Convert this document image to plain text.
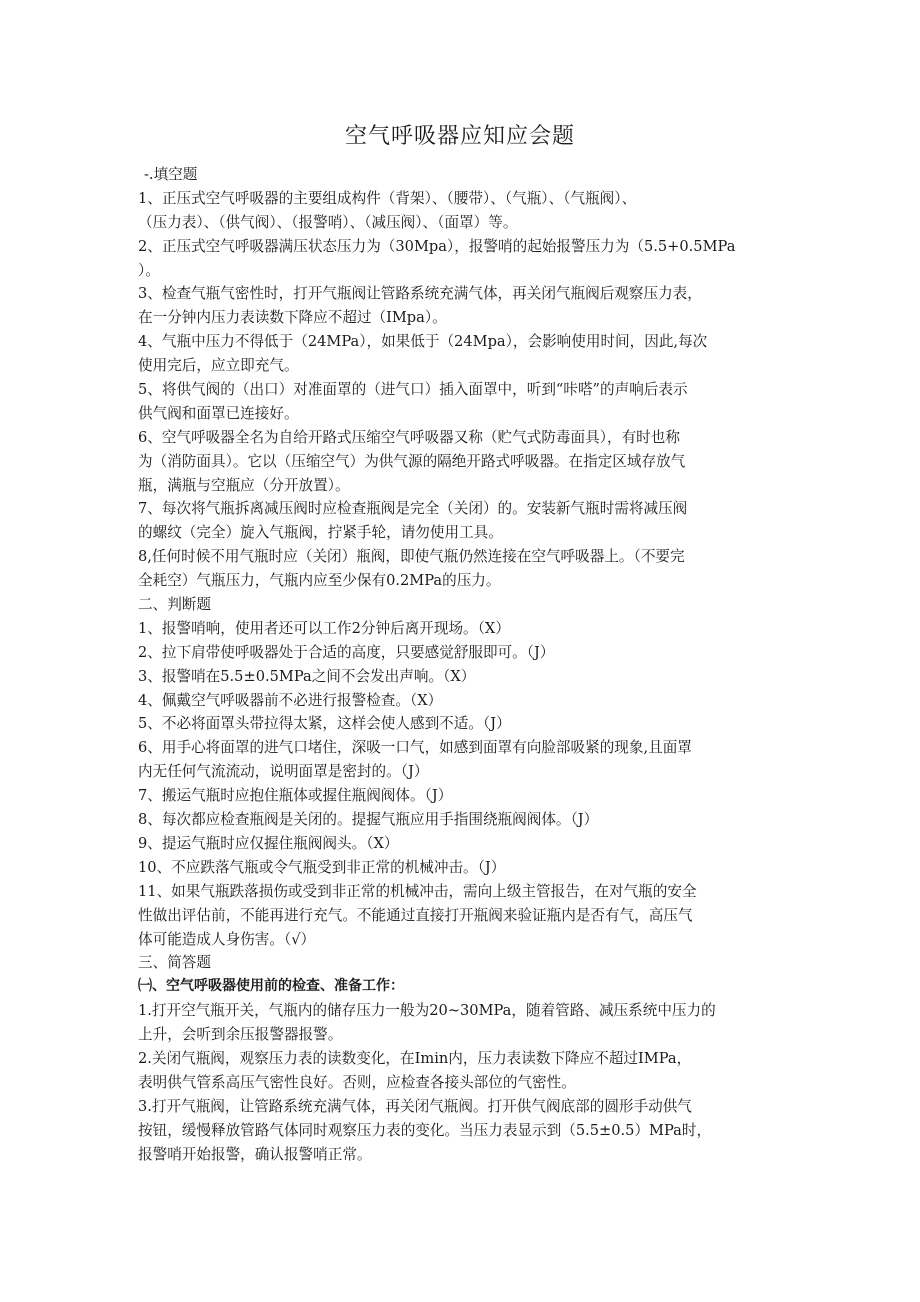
空气呼吸器应知应会题
-.填空题
1、正压式空气呼吸器的主要组成构件（背架）、（腰带）、（气瓶）、（气瓶阀）、
（压力表）、（供气阀）、（报警哨）、（减压阀）、（面罩）等。
2、正压式空气呼吸器满压状态压力为（30Mpa），报警哨的起始报警压力为（5.5+0.5MPa
）。
3、检查气瓶气密性时，打开气瓶阀让管路系统充满气体，再关闭气瓶阀后观察压力表，
在一分钟内压力表读数下降应不超过（IMpa）。
4、气瓶中压力不得低于（24MPa），如果低于（24Mpa），会影响使用时间，因此,每次
使用完后，应立即充气。
5、将供气阀的（出口）对准面罩的（进气口）插入面罩中，听到“咔嗒”的声响后表示
供气阀和面罩已连接好。
6、空气呼吸器全名为自给开路式压缩空气呼吸器又称（贮气式防毒面具），有时也称
为（消防面具）。它以（压缩空气）为供气源的隔绝开路式呼吸器。在指定区域存放气
瓶，满瓶与空瓶应（分开放置）。
7、每次将气瓶拆离减压阀时应检查瓶阀是完全（关闭）的。安装新气瓶时需将减压阀
的螺纹（完全）旋入气瓶阀，拧紧手轮，请勿使用工具。
8,任何时候不用气瓶时应（关闭）瓶阀，即使气瓶仍然连接在空气呼吸器上。（不要完
全耗空）气瓶压力，气瓶内应至少保有0.2MPa的压力。
二、判断题
1、报警哨响，使用者还可以工作2分钟后离开现场。（X）
2、拉下肩带使呼吸器处于合适的高度，只要感觉舒服即可。（J）
3、报警哨在5.5±0.5MPa之间不会发出声响。（X）
4、佩戴空气呼吸器前不必进行报警检查。（X）
5、不必将面罩头带拉得太紧，这样会使人感到不适。（J）
6、用手心将面罩的进气口堵住，深吸一口气，如感到面罩有向脸部吸紧的现象,且面罩
内无任何气流流动，说明面罩是密封的。（J）
7、搬运气瓶时应抱住瓶体或握住瓶阀阀体。（J）
8、每次都应检查瓶阀是关闭的。提握气瓶应用手指围绕瓶阀阀体。（J）
9、提运气瓶时应仅握住瓶阀阀头。（X）
10、不应跌落气瓶或令气瓶受到非正常的机械冲击。（J）
11、如果气瓶跌落损伤或受到非正常的机械冲击，需向上级主管报告，在对气瓶的安全
性做出评估前，不能再进行充气。不能通过直接打开瓶阀来验证瓶内是否有气，高压气
体可能造成人身伤害。（√）
三、简答题
㈠、空气呼吸器使用前的检查、准备工作：
1.打开空气瓶开关，气瓶内的储存压力一般为20~30MPa，随着管路、减压系统中压力的
上升，会听到余压报警器报警。
2.关闭气瓶阀，观察压力表的读数变化，在Imin内，压力表读数下降应不超过IMPa，
表明供气管系高压气密性良好。否则，应检查各接头部位的气密性。
3.打开气瓶阀，让管路系统充满气体，再关闭气瓶阀。打开供气阀底部的圆形手动供气
按钮，缓慢释放管路气体同时观察压力表的变化。当压力表显示到（5.5±0.5）MPa时，
报警哨开始报警，确认报警哨正常。
